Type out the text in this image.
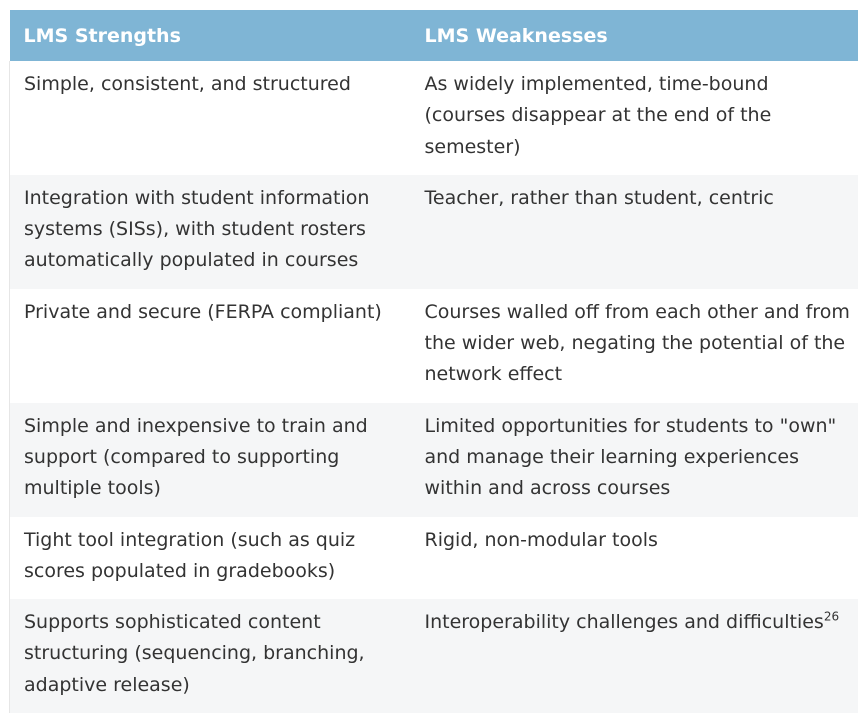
LMS Strengths	LMS Weaknesses
Simple, consistent, and structured	As widely implemented, time-bound (courses disappear at the end of the semester)
Integration with student information systems (SISs), with student rosters automatically populated in courses	Teacher, rather than student, centric
Private and secure (FERPA compliant)	Courses walled off from each other and from the wider web, negating the potential of the network effect
Simple and inexpensive to train and support (compared to supporting multiple tools)	Limited opportunities for students to "own" and manage their learning experiences within and across courses
Tight tool integration (such as quiz scores populated in gradebooks)	Rigid, non-modular tools
Supports sophisticated content structuring (sequencing, branching, adaptive release)	Interoperability challenges and difficulties$^{26}$
